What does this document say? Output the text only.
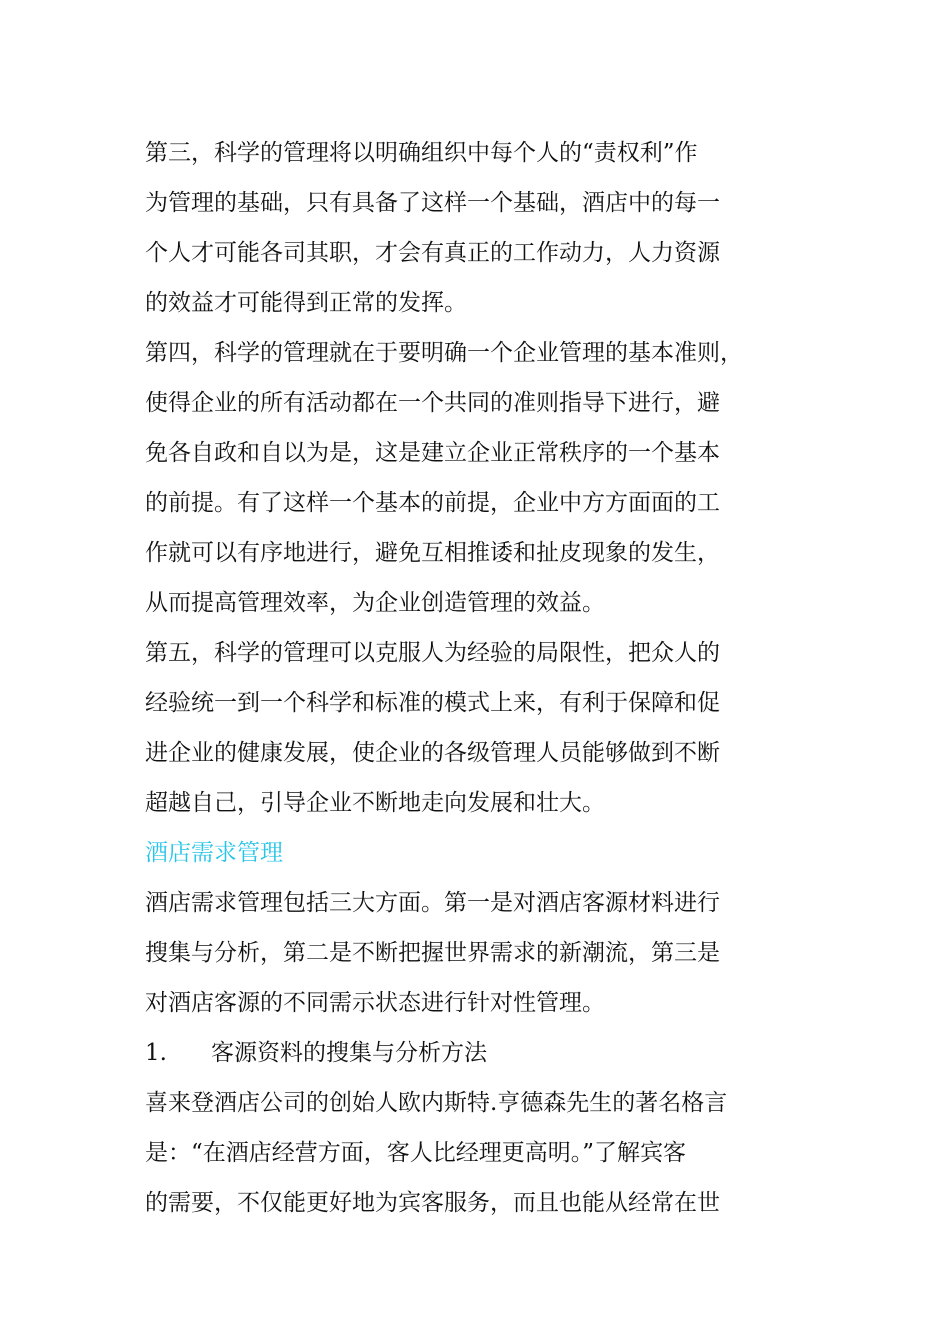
第三，科学的管理将以明确组织中每个人的“责权利”作
为管理的基础，只有具备了这样一个基础，酒店中的每一
个人才可能各司其职，才会有真正的工作动力，人力资源
的效益才可能得到正常的发挥。
第四，科学的管理就在于要明确一个企业管理的基本准则，
使得企业的所有活动都在一个共同的准则指导下进行，避
免各自政和自以为是，这是建立企业正常秩序的一个基本
的前提。有了这样一个基本的前提，企业中方方面面的工
作就可以有序地进行，避免互相推诿和扯皮现象的发生，
从而提高管理效率，为企业创造管理的效益。
第五，科学的管理可以克服人为经验的局限性，把众人的
经验统一到一个科学和标准的模式上来，有利于保障和促
进企业的健康发展，使企业的各级管理人员能够做到不断
超越自己，引导企业不断地走向发展和壮大。
酒店需求管理
酒店需求管理包括三大方面。第一是对酒店客源材料进行
搜集与分析，第二是不断把握世界需求的新潮流，第三是
对酒店客源的不同需示状态进行针对性管理。
1. 客源资料的搜集与分析方法
喜来登酒店公司的创始人欧内斯特.亨德森先生的著名格言
是：“在酒店经营方面，客人比经理更高明。”了解宾客
的需要，不仅能更好地为宾客服务，而且也能从经常在世
